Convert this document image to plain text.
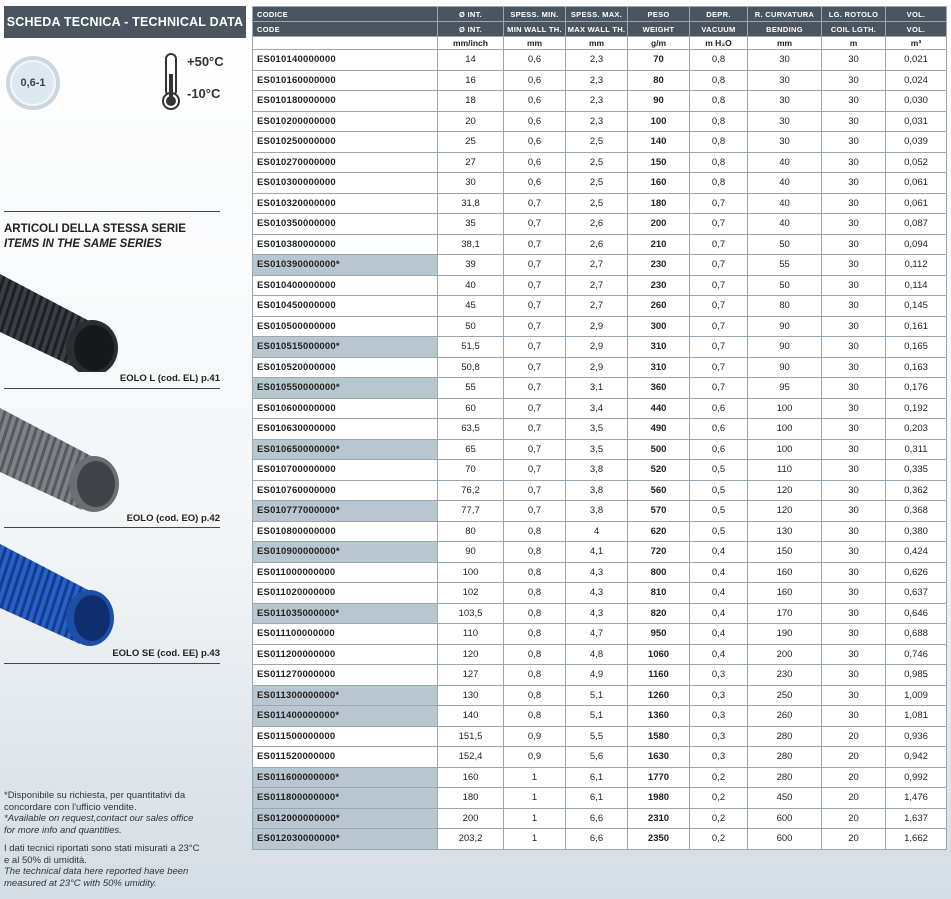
SCHEDA TECNICA - TECHNICAL DATA
0,6-1
+50°C
-10°C
ARTICOLI DELLA STESSA SERIE
ITEMS IN THE SAME SERIES
EOLO L (cod. EL) p.41
EOLO (cod. EO) p.42
EOLO SE (cod. EE) p.43

*Disponibile su richiesta, per quantitativi da

concordare con l'ufficio vendite.

*Available on request,contact our sales office

for more info and quantities.

I dati tecnici riportati sono stati misurati a 23°C

e al 50% di umidità.

The technical data here reported have been

measured at 23°C with 50% umidity.

CODICE	Ø INT.	SPESS. MIN.	SPESS. MAX.	PESO	DEPR.	R. CURVATURA	LG. ROTOLO	VOL.
CODE	Ø INT.	MIN WALL TH.	MAX WALL TH.	WEIGHT	VACUUM	BENDING	COIL LGTH.	VOL.
	mm/inch	mm	mm	g/m	m H₂O	mm	m	m³
ES010140000000	14	0,6	2,3	70	0,8	30	30	0,021
ES010160000000	16	0,6	2,3	80	0,8	30	30	0,024
ES010180000000	18	0,6	2,3	90	0,8	30	30	0,030
ES010200000000	20	0,6	2,3	100	0,8	30	30	0,031
ES010250000000	25	0,6	2,5	140	0,8	30	30	0,039
ES010270000000	27	0,6	2,5	150	0,8	40	30	0,052
ES010300000000	30	0,6	2,5	160	0,8	40	30	0,061
ES010320000000	31,8	0,7	2,5	180	0,7	40	30	0,061
ES010350000000	35	0,7	2,6	200	0,7	40	30	0,087
ES010380000000	38,1	0,7	2,6	210	0,7	50	30	0,094
ES010390000000*	39	0,7	2,7	230	0,7	55	30	0,112
ES010400000000	40	0,7	2,7	230	0,7	50	30	0,114
ES010450000000	45	0,7	2,7	260	0,7	80	30	0,145
ES010500000000	50	0,7	2,9	300	0,7	90	30	0,161
ES010515000000*	51,5	0,7	2,9	310	0,7	90	30	0,165
ES010520000000	50,8	0,7	2,9	310	0,7	90	30	0,163
ES010550000000*	55	0,7	3,1	360	0,7	95	30	0,176
ES010600000000	60	0,7	3,4	440	0,6	100	30	0,192
ES010630000000	63,5	0,7	3,5	490	0,6	100	30	0,203
ES010650000000*	65	0,7	3,5	500	0,6	100	30	0,311
ES010700000000	70	0,7	3,8	520	0,5	110	30	0,335
ES010760000000	76,2	0,7	3,8	560	0,5	120	30	0,362
ES010777000000*	77,7	0,7	3,8	570	0,5	120	30	0,368
ES010800000000	80	0,8	4	620	0,5	130	30	0,380
ES010900000000*	90	0,8	4,1	720	0,4	150	30	0,424
ES011000000000	100	0,8	4,3	800	0,4	160	30	0,626
ES011020000000	102	0,8	4,3	810	0,4	160	30	0,637
ES011035000000*	103,5	0,8	4,3	820	0,4	170	30	0,646
ES011100000000	110	0,8	4,7	950	0,4	190	30	0,688
ES011200000000	120	0,8	4,8	1060	0,4	200	30	0,746
ES011270000000	127	0,8	4,9	1160	0,3	230	30	0,985
ES011300000000*	130	0,8	5,1	1260	0,3	250	30	1,009
ES011400000000*	140	0,8	5,1	1360	0,3	260	30	1,081
ES011500000000	151,5	0,9	5,5	1580	0,3	280	20	0,936
ES011520000000	152,4	0,9	5,6	1630	0,3	280	20	0,942
ES011600000000*	160	1	6,1	1770	0,2	280	20	0,992
ES011800000000*	180	1	6,1	1980	0,2	450	20	1,476
ES012000000000*	200	1	6,6	2310	0,2	600	20	1,637
ES012030000000*	203,2	1	6,6	2350	0,2	600	20	1,662
